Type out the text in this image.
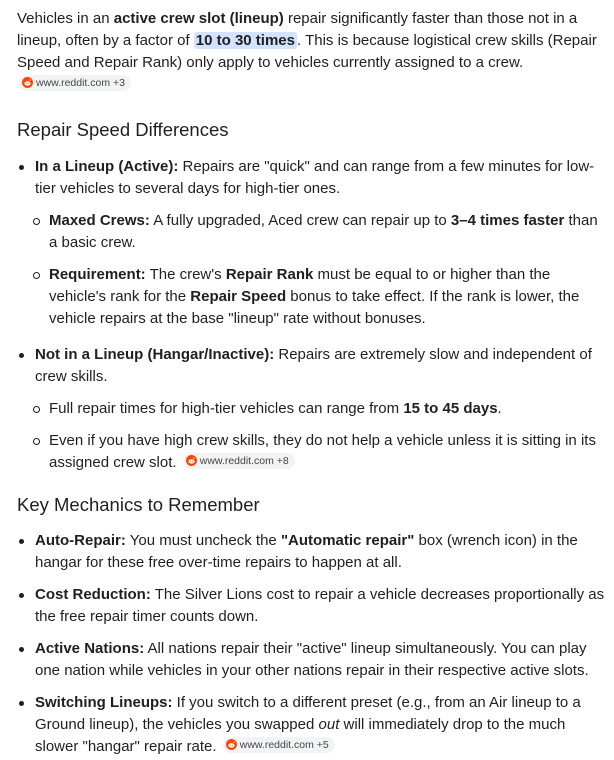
Vehicles in an active crew slot (lineup) repair significantly faster than those not in a lineup, often by a factor of 10 to 30 times . This is because logistical crew skills (Repair Speed and Repair Rank) only apply to vehicles currently assigned to a crew.
www.reddit.com +3

Repair Speed Differences
In a Lineup (Active): Repairs are "quick" and can range from a few minutes for low-tier vehicles to several days for high-tier ones.
Maxed Crews: A fully upgraded, Aced crew can repair up to 3–4 times faster than a basic crew.
Requirement: The crew's Repair Rank must be equal to or higher than the vehicle's rank for the Repair Speed bonus to take effect. If the rank is lower, the vehicle repairs at the base "lineup" rate without bonuses.
Not in a Lineup (Hangar/Inactive): Repairs are extremely slow and independent of crew skills.
Full repair times for high-tier vehicles can range from 15 to 45 days.
Even if you have high crew skills, they do not help a vehicle unless it is sitting in its assigned crew slot. www.reddit.com +8
Key Mechanics to Remember
Auto-Repair: You must uncheck the "Automatic repair" box (wrench icon) in the hangar for these free over-time repairs to happen at all.
Cost Reduction: The Silver Lions cost to repair a vehicle decreases proportionally as the free repair timer counts down.
Active Nations: All nations repair their "active" lineup simultaneously. You can play one nation while vehicles in your other nations repair in their respective active slots.
Switching Lineups: If you switch to a different preset (e.g., from an Air lineup to a Ground lineup), the vehicles you swapped out will immediately drop to the much slower "hangar" repair rate. www.reddit.com +5
